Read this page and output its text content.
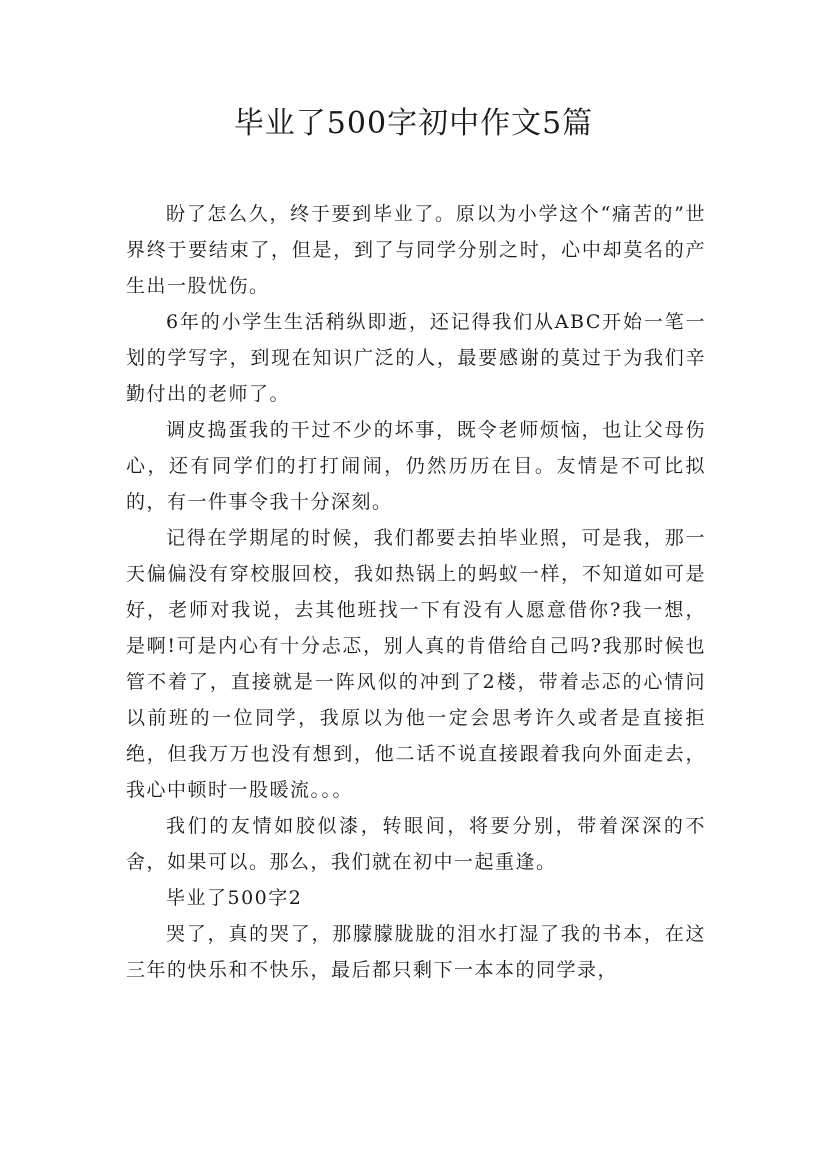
毕业了500字初中作文5篇

盼了怎么久，终于要到毕业了。原以为小学这个“痛苦的”世界终于要结束了，但是，到了与同学分别之时，心中却莫名的产生出一股忧伤。

6年的小学生生活稍纵即逝，还记得我们从ABC开始一笔一划的学写字，到现在知识广泛的人，最要感谢的莫过于为我们辛勤付出的老师了。

调皮捣蛋我的干过不少的坏事，既令老师烦恼，也让父母伤心，还有同学们的打打闹闹，仍然历历在目。友情是不可比拟的，有一件事令我十分深刻。

记得在学期尾的时候，我们都要去拍毕业照，可是我，那一天偏偏没有穿校服回校，我如热锅上的蚂蚁一样，不知道如可是好，老师对我说，去其他班找一下有没有人愿意借你?我一想，是啊!可是内心有十分忐忑，别人真的肯借给自己吗?我那时候也管不着了，直接就是一阵风似的冲到了2楼，带着忐忑的心情问以前班的一位同学，我原以为他一定会思考许久或者是直接拒绝，但我万万也没有想到，他二话不说直接跟着我向外面走去，我心中顿时一股暖流。。。

我们的友情如胶似漆，转眼间，将要分别，带着深深的不舍，如果可以。那么，我们就在初中一起重逢。

毕业了500字2

哭了，真的哭了，那朦朦胧胧的泪水打湿了我的书本，在这三年的快乐和不快乐，最后都只剩下一本本的同学录，
